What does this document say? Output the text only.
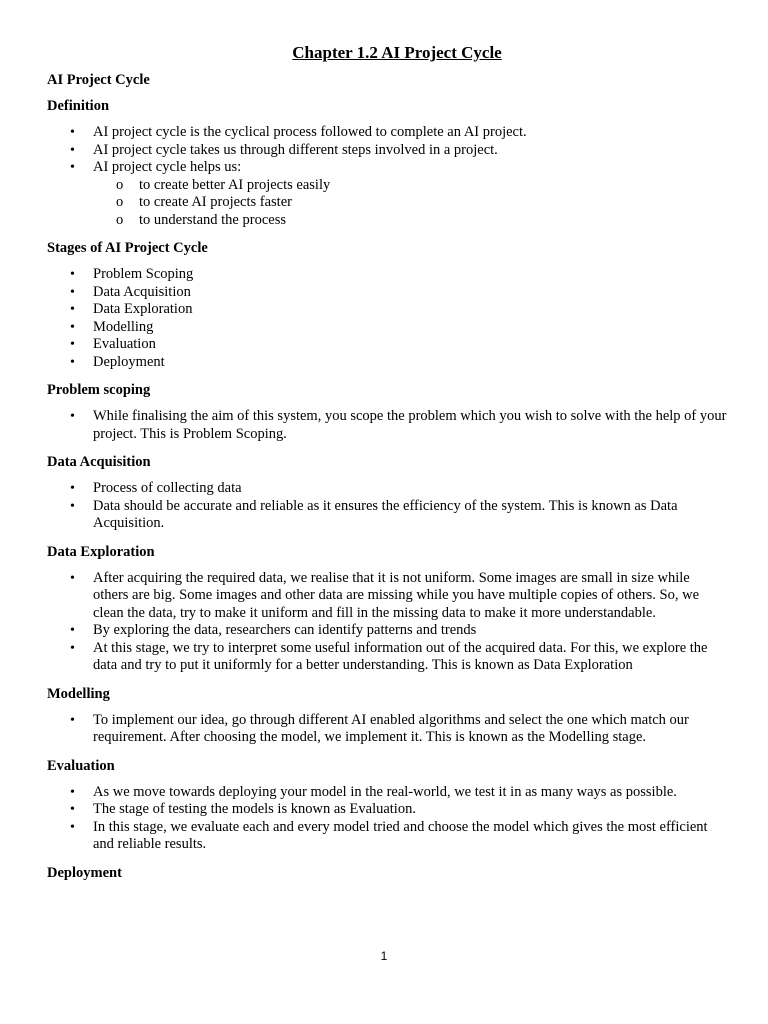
Chapter 1.2 AI Project Cycle
AI Project Cycle
Definition
• AI project cycle is the cyclical process followed to complete an AI project.
• AI project cycle takes us through different steps involved in a project.
• AI project cycle helps us:
o to create better AI projects easily
o to create AI projects faster
o to understand the process
Stages of AI Project Cycle
• Problem Scoping
• Data Acquisition
• Data Exploration
• Modelling
• Evaluation
• Deployment
Problem scoping
• While finalising the aim of this system, you scope the problem which you wish to solve with the help of your project. This is Problem Scoping.
Data Acquisition
• Process of collecting data
• Data should be accurate and reliable as it ensures the efficiency of the system. This is known as Data Acquisition.
Data Exploration
• After acquiring the required data, we realise that it is not uniform. Some images are small in size while others are big. Some images and other data are missing while you have multiple copies of others. So, we clean the data, try to make it uniform and fill in the missing data to make it more understandable.
• By exploring the data, researchers can identify patterns and trends
• At this stage, we try to interpret some useful information out of the acquired data. For this, we explore the data and try to put it uniformly for a better understanding. This is known as Data Exploration
Modelling
• To implement our idea, go through different AI enabled algorithms and select the one which match our requirement. After choosing the model, we implement it. This is known as the Modelling stage.
Evaluation
• As we move towards deploying your model in the real-world, we test it in as many ways as possible.
• The stage of testing the models is known as Evaluation.
• In this stage, we evaluate each and every model tried and choose the model which gives the most efficient and reliable results.
Deployment
1
